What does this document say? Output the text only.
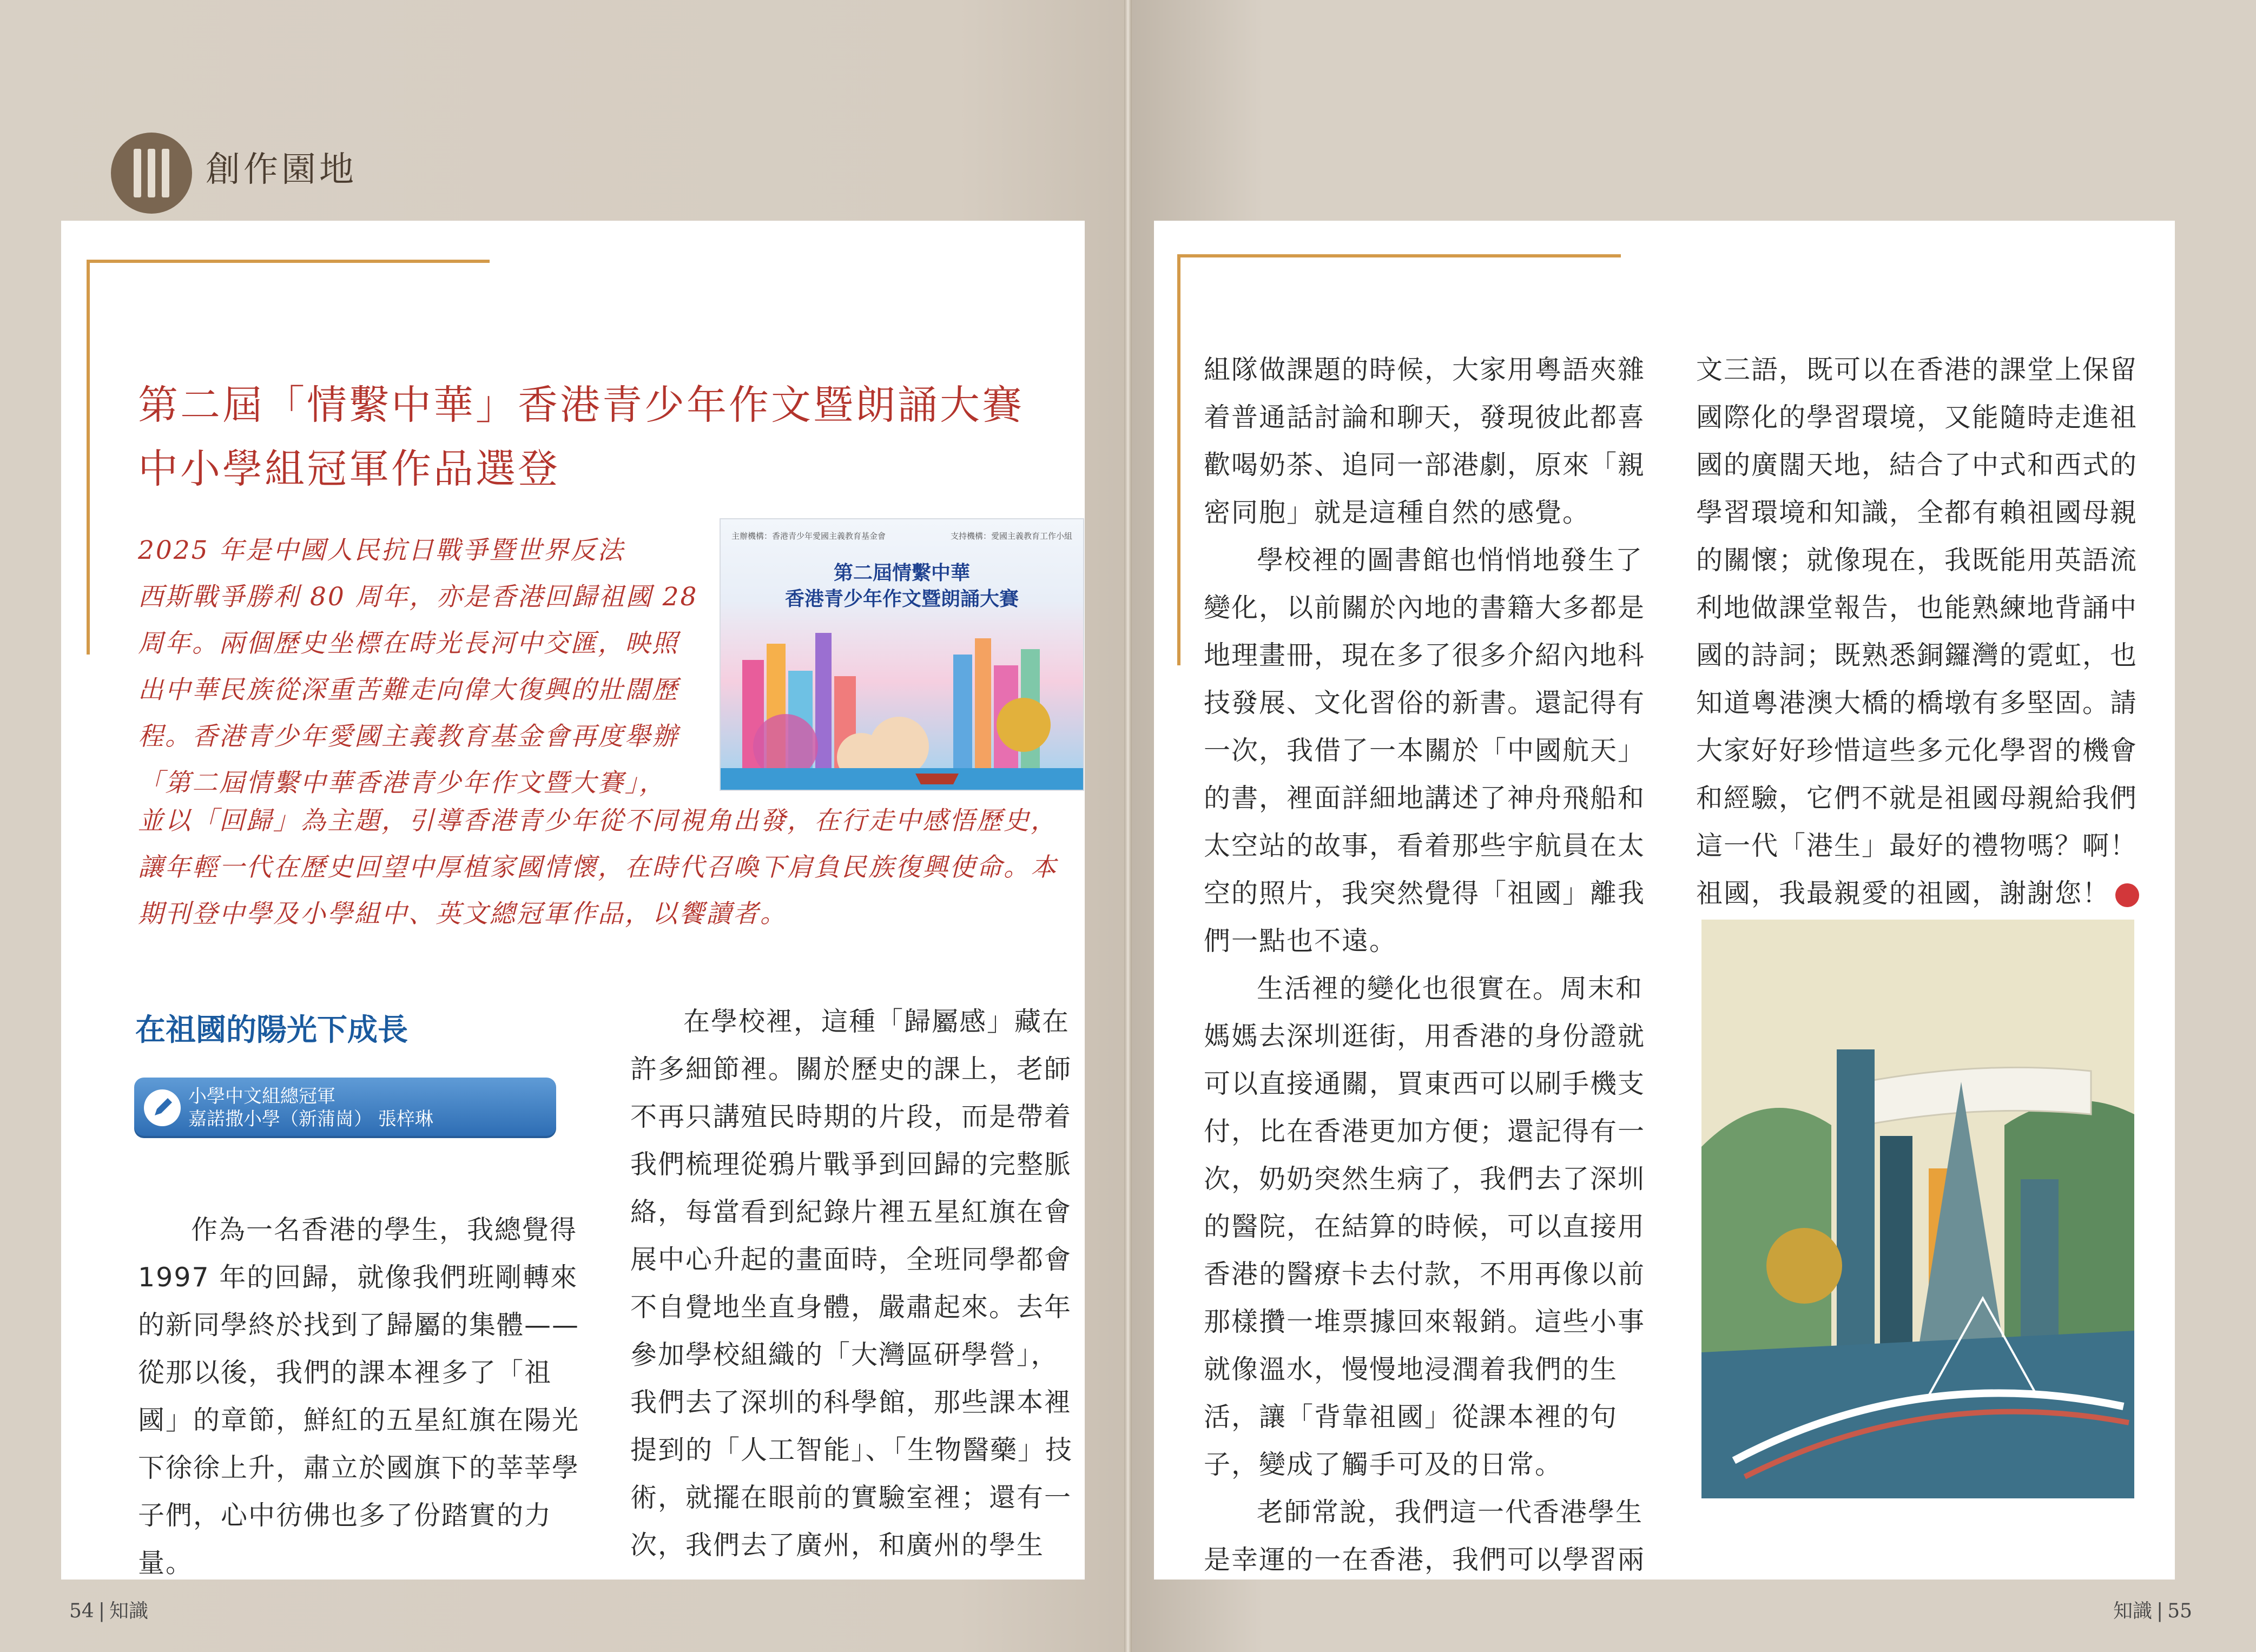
創作園地
第二屆「情繫中華」香港青少年作文暨朗誦大賽
中小學組冠軍作品選登

2025 年是中國人民抗日戰爭暨世界反法

西斯戰爭勝利 80 周年，亦是香港回歸祖國 28

周年。兩個歷史坐標在時光長河中交匯，映照

出中華民族從深重苦難走向偉大復興的壯闊歷

程。香港青少年愛國主義教育基金會再度舉辦

「第二屆情繫中華香港青少年作文暨大賽」，

主辦機構：香港青少年愛國主義教育基金會	支持機構：愛國主義教育工作小組
第二屆情繫中華
香港青少年作文暨朗誦大賽

並以「回歸」為主題，引導香港青少年從不同視角出發，在行走中感悟歷史，

讓年輕一代在歷史回望中厚植家國情懷，在時代召喚下肩負民族復興使命。本

期刊登中學及小學組中、英文總冠軍作品，以饗讀者。

在祖國的陽光下成長
小學中文組總冠軍
嘉諾撒小學（新蒲崗） 張梓琳

作為一名香港的學生，我總覺得1997 年的回歸，就像我們班剛轉來的新同學終於找到了歸屬的集體——從那以後，我們的課本裡多了「祖國」的章節，鮮紅的五星紅旗在陽光下徐徐上升，肅立於國旗下的莘莘學子們，心中彷佛也多了份踏實的力量。

在學校裡，這種「歸屬感」藏在許多細節裡。關於歷史的課上，老師不再只講殖民時期的片段，而是帶着我們梳理從鴉片戰爭到回歸的完整脈絡，每當看到紀錄片裡五星紅旗在會展中心升起的畫面時，全班同學都會不自覺地坐直身體，嚴肅起來。去年參加學校組織的「大灣區研學營」，我們去了深圳的科學館，那些課本裡提到的「人工智能」、「生物醫藥」技術，就擺在眼前的實驗室裡；還有一次，我們去了廣州，和廣州的學生

組隊做課題的時候，大家用粵語夾雜着普通話討論和聊天，發現彼此都喜歡喝奶茶、追同一部港劇，原來「親密同胞」就是這種自然的感覺。

學校裡的圖書館也悄悄地發生了變化，以前關於內地的書籍大多都是地理畫冊，現在多了很多介紹內地科技發展、文化習俗的新書。還記得有一次，我借了一本關於「中國航天」的書，裡面詳細地講述了神舟飛船和太空站的故事，看着那些宇航員在太空的照片，我突然覺得「祖國」離我們一點也不遠。

生活裡的變化也很實在。周末和媽媽去深圳逛街，用香港的身份證就可以直接通關，買東西可以刷手機支付，比在香港更加方便；還記得有一次，奶奶突然生病了，我們去了深圳的醫院，在結算的時候，可以直接用香港的醫療卡去付款，不用再像以前那樣攢一堆票據回來報銷。這些小事就像溫水，慢慢地浸潤着我們的生活，讓「背靠祖國」從課本裡的句子，變成了觸手可及的日常。

老師常說，我們這一代香港學生是幸運的一在香港，我們可以學習兩

文三語，既可以在香港的課堂上保留國際化的學習環境，又能隨時走進祖國的廣闊天地，結合了中式和西式的學習環境和知識，全都有賴祖國母親的關懷；就像現在，我既能用英語流利地做課堂報告，也能熟練地背誦中國的詩詞；既熟悉銅鑼灣的霓虹，也知道粵港澳大橋的橋墩有多堅固。請大家好好珍惜這些多元化學習的機會和經驗，它們不就是祖國母親給我們這一代「港生」最好的禮物嗎？啊！祖國，我最親愛的祖國，謝謝您！

54 | 知識	知識 | 55
